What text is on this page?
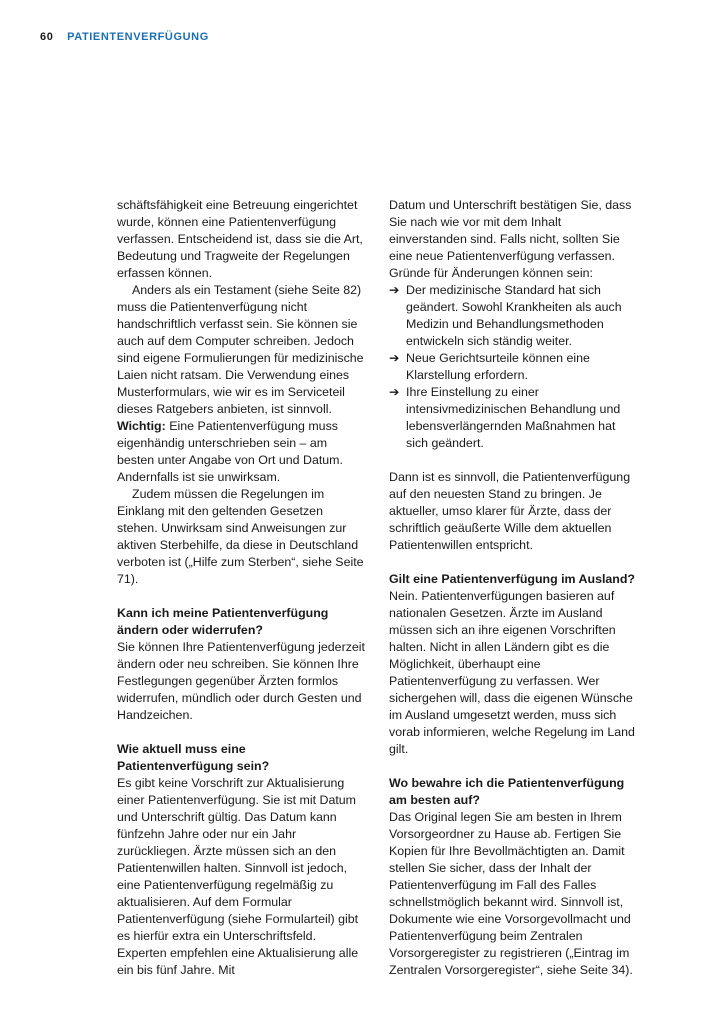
60 PATIENTENVERFÜGUNG

schäftsfähigkeit eine Betreuung eingerichtet wurde, können eine Patientenverfügung verfassen. Entscheidend ist, dass sie die Art, Bedeutung und Tragweite der Regelungen erfassen können.

Anders als ein Testament (siehe Seite 82) muss die Patientenverfügung nicht handschriftlich verfasst sein. Sie können sie auch auf dem Computer schreiben. Jedoch sind eigene Formulierungen für medizinische Laien nicht ratsam. Die Verwendung eines Musterformulars, wie wir es im Serviceteil dieses Ratgebers anbieten, ist sinnvoll.

Wichtig: Eine Patientenverfügung muss eigenhändig unterschrieben sein – am besten unter Angabe von Ort und Datum. Andernfalls ist sie unwirksam.

Zudem müssen die Regelungen im Einklang mit den geltenden Gesetzen stehen. Unwirksam sind Anweisungen zur aktiven Sterbehilfe, da diese in Deutschland verboten ist („Hilfe zum Sterben“, siehe Seite 71).

Kann ich meine Patientenverfügung ändern oder widerrufen?

Sie können Ihre Patientenverfügung jederzeit ändern oder neu schreiben. Sie können Ihre Festlegungen gegenüber Ärzten formlos widerrufen, mündlich oder durch Gesten und Handzeichen.

Wie aktuell muss eine Patientenverfügung sein?

Es gibt keine Vorschrift zur Aktualisierung einer Patientenverfügung. Sie ist mit Datum und Unterschrift gültig. Das Datum kann fünfzehn Jahre oder nur ein Jahr zurückliegen. Ärzte müssen sich an den Patientenwillen halten. Sinnvoll ist jedoch, eine Patientenverfügung regelmäßig zu aktualisieren. Auf dem Formular Patientenverfügung (siehe Formularteil) gibt es hierfür extra ein Unterschriftsfeld. Experten empfehlen eine Aktualisierung alle ein bis fünf Jahre. Mit

Datum und Unterschrift bestätigen Sie, dass Sie nach wie vor mit dem Inhalt einverstanden sind. Falls nicht, sollten Sie eine neue Patientenverfügung verfassen.

Gründe für Änderungen können sein:

➔ Der medizinische Standard hat sich geändert. Sowohl Krankheiten als auch Medizin und Behandlungsmethoden entwickeln sich ständig weiter.
➔ Neue Gerichtsurteile können eine Klarstellung erfordern.
➔ Ihre Einstellung zu einer intensivmedizinischen Behandlung und lebensverlängernden Maßnahmen hat sich geändert.

Dann ist es sinnvoll, die Patientenverfügung auf den neuesten Stand zu bringen. Je aktueller, umso klarer für Ärzte, dass der schriftlich geäußerte Wille dem aktuellen Patientenwillen entspricht.

Gilt eine Patientenverfügung im Ausland?

Nein. Patientenverfügungen basieren auf nationalen Gesetzen. Ärzte im Ausland müssen sich an ihre eigenen Vorschriften halten. Nicht in allen Ländern gibt es die Möglichkeit, überhaupt eine Patientenverfügung zu verfassen. Wer sichergehen will, dass die eigenen Wünsche im Ausland umgesetzt werden, muss sich vorab informieren, welche Regelung im Land gilt.

Wo bewahre ich die Patientenverfügung am besten auf?

Das Original legen Sie am besten in Ihrem Vorsorgeordner zu Hause ab. Fertigen Sie Kopien für Ihre Bevollmächtigten an. Damit stellen Sie sicher, dass der Inhalt der Patientenverfügung im Fall des Falles schnellstmöglich bekannt wird. Sinnvoll ist, Dokumente wie eine Vorsorgevollmacht und Patientenverfügung beim Zentralen Vorsorgeregister zu registrieren („Eintrag im Zentralen Vorsorgeregister“, siehe Seite 34).
